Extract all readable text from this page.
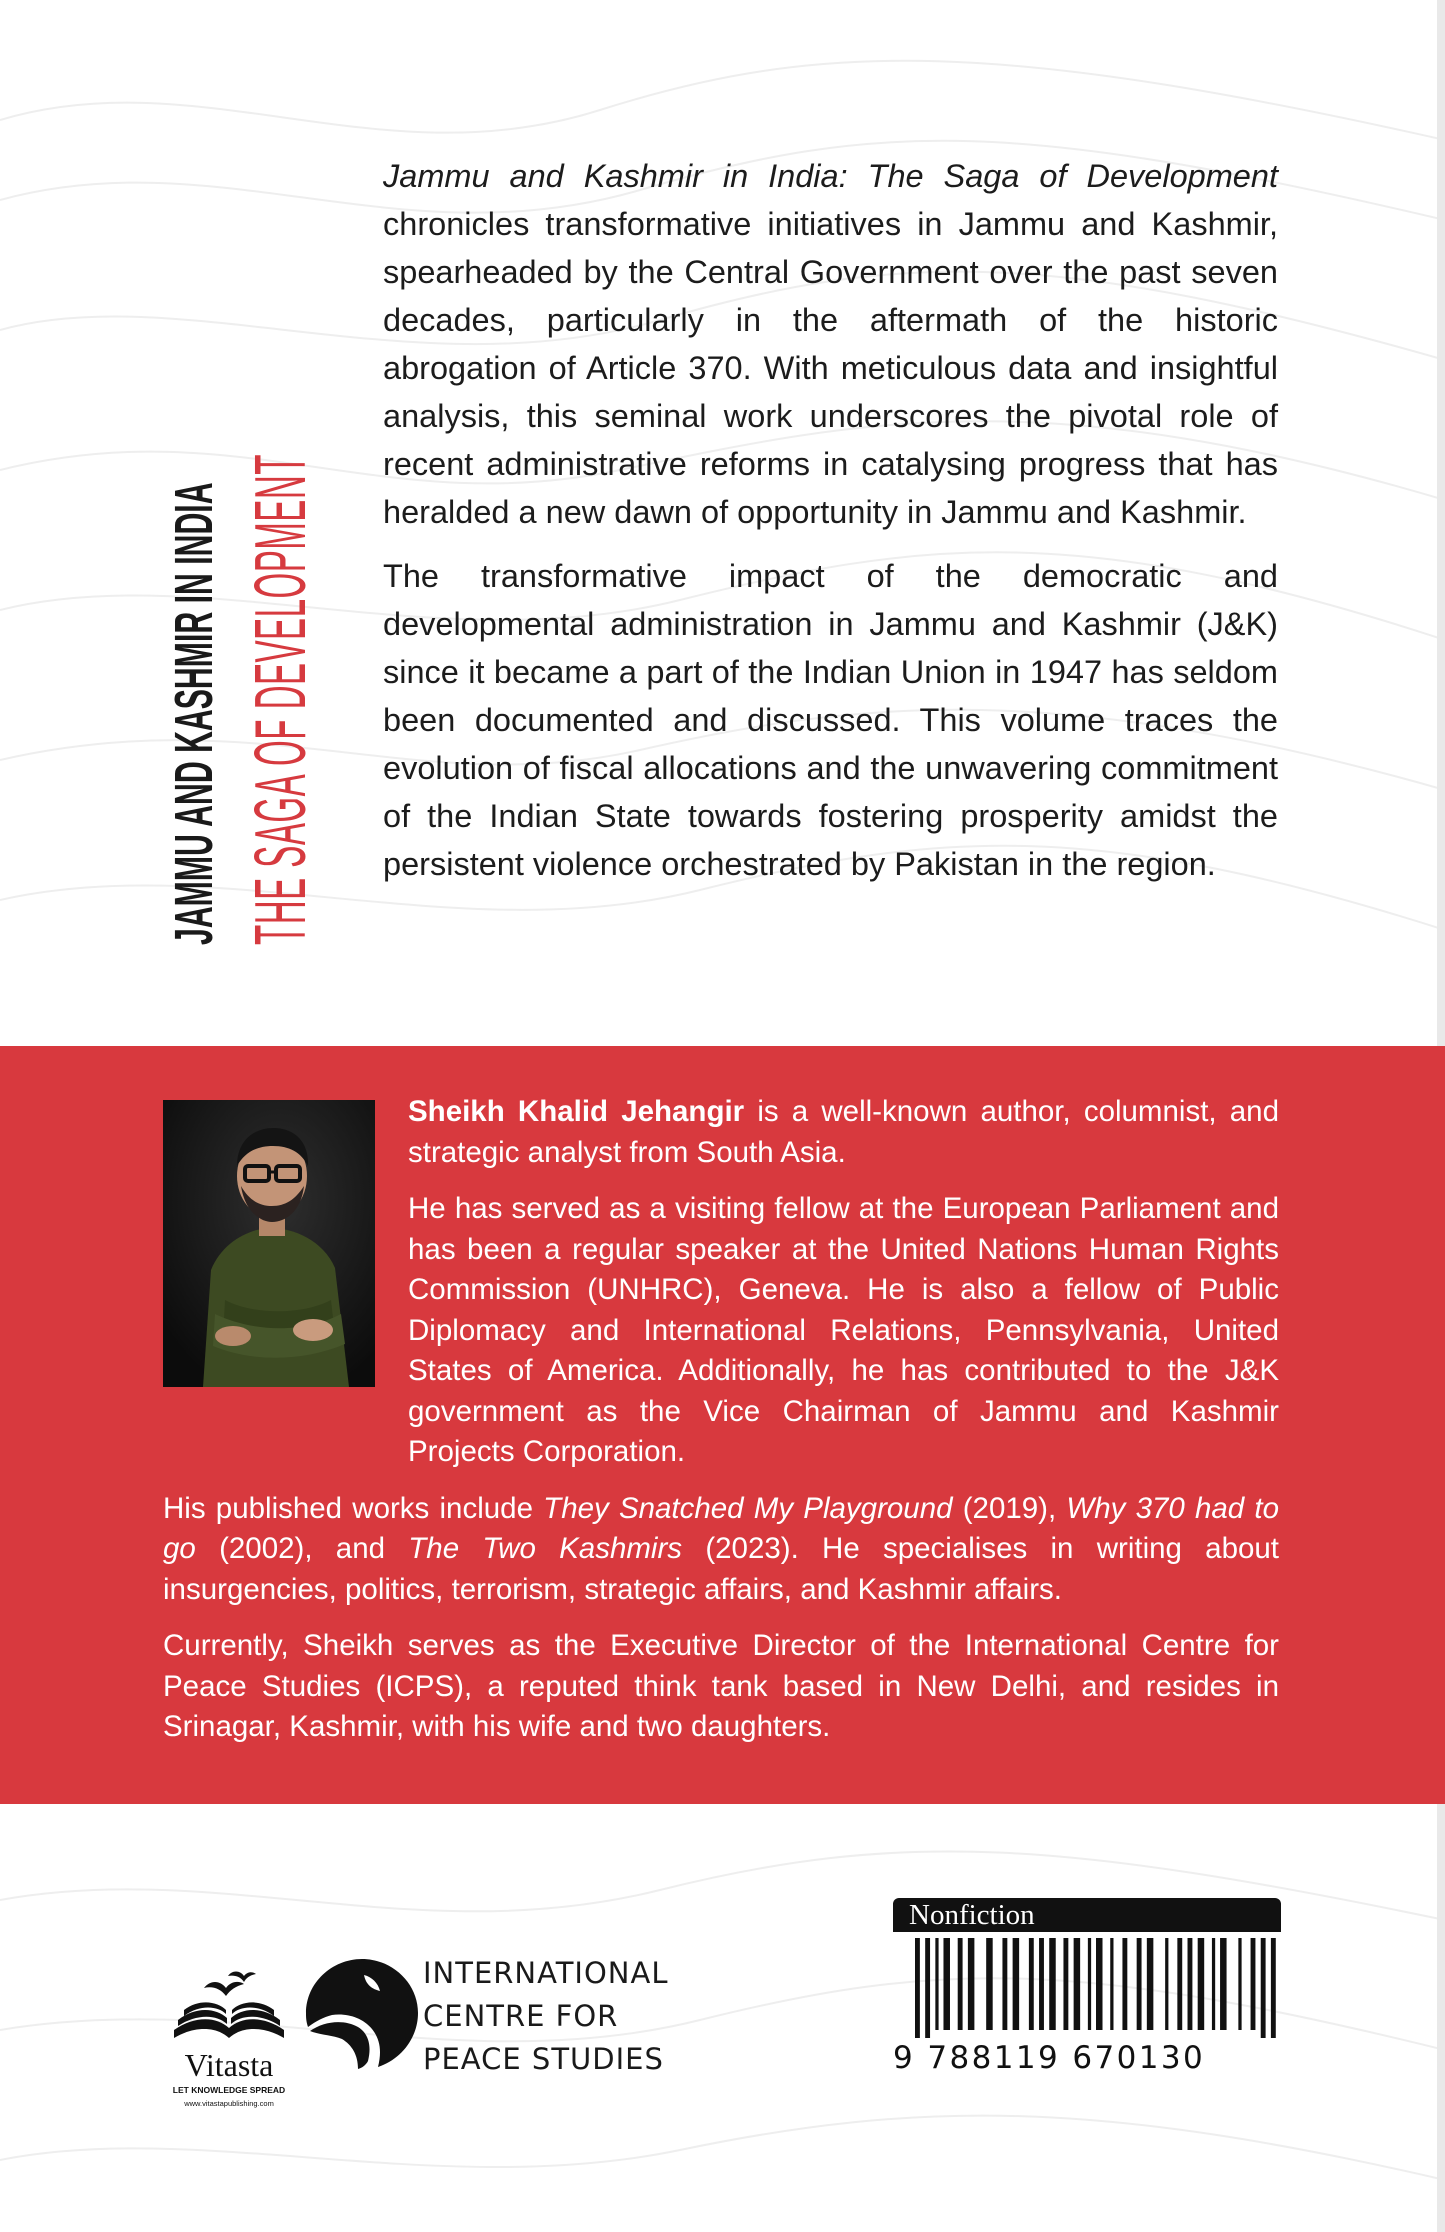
JAMMU AND KASHMIR IN INDIA THE SAGA OF DEVELOPMENT

Jammu and Kashmir in India: The Saga of Development chronicles transformative initiatives in Jammu and Kashmir, spearheaded by the Central Government over the past seven decades, particularly in the aftermath of the historic abrogation of Article 370. With meticulous data and insightful analysis, this seminal work underscores the pivotal role of recent administrative reforms in catalysing progress that has heralded a new dawn of opportunity in Jammu and Kashmir.

The transformative impact of the democratic and developmental administration in Jammu and Kashmir (J&K) since it became a part of the Indian Union in 1947 has seldom been documented and discussed. This volume traces the evolution of fiscal allocations and the unwavering commitment of the Indian State towards fostering prosperity amidst the persistent violence orchestrated by Pakistan in the region.

Sheikh Khalid Jehangir is a well-known author, columnist, and strategic analyst from South Asia.

He has served as a visiting fellow at the European Parliament and has been a regular speaker at the United Nations Human Rights Commission (UNHRC), Geneva. He is also a fellow of Public Diplomacy and International Relations, Pennsylvania, United States of America. Additionally, he has contributed to the J&K government as the Vice Chairman of Jammu and Kashmir Projects Corporation.

His published works include They Snatched My Playground (2019), Why 370 had to go (2002), and The Two Kashmirs (2023). He specialises in writing about insurgencies, politics, terrorism, strategic affairs, and Kashmir affairs.

Currently, Sheikh serves as the Executive Director of the International Centre for Peace Studies (ICPS), a reputed think tank based in New Delhi, and resides in Srinagar, Kashmir, with his wife and two daughters.

Vitasta
LET KNOWLEDGE SPREAD
www.vitastapublishing.com
INTERNATIONAL
CENTRE FOR
PEACE STUDIES
Nonfiction
9 788119 670130
